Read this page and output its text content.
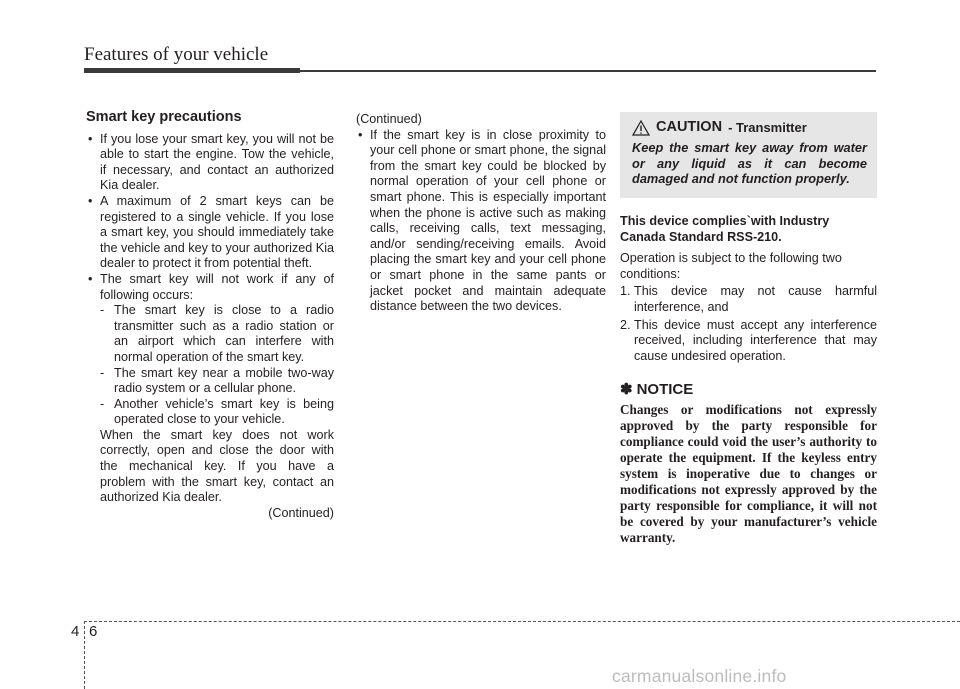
Features of your vehicle
Smart key precautions
• If you lose your smart key, you will not be able to start the engine. Tow the vehicle, if necessary, and contact an authorized Kia dealer.
• A maximum of 2 smart keys can be registered to a single vehicle. If you lose a smart key, you should immediately take the vehicle and key to your authorized Kia dealer to protect it from potential theft.
• The smart key will not work if any of following occurs:
- The smart key is close to a radio transmitter such as a radio station or an airport which can interfere with normal operation of the smart key.
- The smart key near a mobile two-way radio system or a cellular phone.
- Another vehicle’s smart key is being operated close to your vehicle.
When the smart key does not work correctly, open and close the door with the mechanical key. If you have a problem with the smart key, contact an authorized Kia dealer.
(Continued)
(Continued)
• If the smart key is in close proximity to your cell phone or smart phone, the signal from the smart key could be blocked by normal operation of your cell phone or smart phone. This is especially important when the phone is active such as making calls, receiving calls, text messaging, and/or sending/receiving emails. Avoid placing the smart key and your cell phone or smart phone in the same pants or jacket pocket and maintain adequate distance between the two devices.
CAUTION - Transmitter
Keep the smart key away from water or any liquid as it can become damaged and not function properly.

This device complies`with Industry Canada Standard RSS-210.

Operation is subject to the following two conditions:

1. This device may not cause harmful interference, and
2. This device must accept any interference received, including interference that may cause undesired operation.
✽ NOTICE
Changes or modifications not expressly approved by the party responsible for compliance could void the user’s authority to operate the equipment. If the keyless entry system is inoperative due to changes or modifications not expressly approved by the party responsible for compliance, it will not be covered by your manufacturer’s vehicle warranty.
4 6
carmanualsonline.info
